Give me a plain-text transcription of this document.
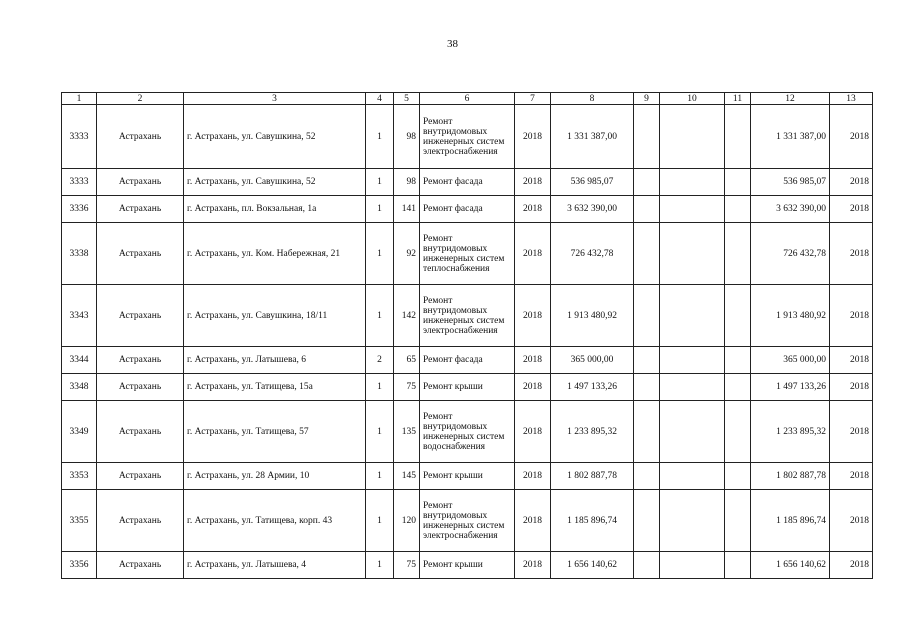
38
1	2	3	4	5	6	7	8	9	10	11	12	13
3333	Астрахань	г. Астрахань, ул. Савушкина, 52	1	98	Ремонт внутридомовых инженерных систем электроснабжения	2018	1 331 387,00				1 331 387,00	2018
3333	Астрахань	г. Астрахань, ул. Савушкина, 52	1	98	Ремонт фасада	2018	536 985,07				536 985,07	2018
3336	Астрахань	г. Астрахань, пл. Вокзальная, 1а	1	141	Ремонт фасада	2018	3 632 390,00				3 632 390,00	2018
3338	Астрахань	г. Астрахань, ул. Ком. Набережная, 21	1	92	Ремонт внутридомовых инженерных систем теплоснабжения	2018	726 432,78				726 432,78	2018
3343	Астрахань	г. Астрахань, ул. Савушкина, 18/11	1	142	Ремонт внутридомовых инженерных систем электроснабжения	2018	1 913 480,92				1 913 480,92	2018
3344	Астрахань	г. Астрахань, ул. Латышева, 6	2	65	Ремонт фасада	2018	365 000,00				365 000,00	2018
3348	Астрахань	г. Астрахань, ул. Татищева, 15а	1	75	Ремонт крыши	2018	1 497 133,26				1 497 133,26	2018
3349	Астрахань	г. Астрахань, ул. Татищева, 57	1	135	Ремонт внутридомовых инженерных систем водоснабжения	2018	1 233 895,32				1 233 895,32	2018
3353	Астрахань	г. Астрахань, ул. 28 Армии, 10	1	145	Ремонт крыши	2018	1 802 887,78				1 802 887,78	2018
3355	Астрахань	г. Астрахань, ул. Татищева, корп. 43	1	120	Ремонт внутридомовых инженерных систем электроснабжения	2018	1 185 896,74				1 185 896,74	2018
3356	Астрахань	г. Астрахань, ул. Латышева, 4	1	75	Ремонт крыши	2018	1 656 140,62				1 656 140,62	2018
